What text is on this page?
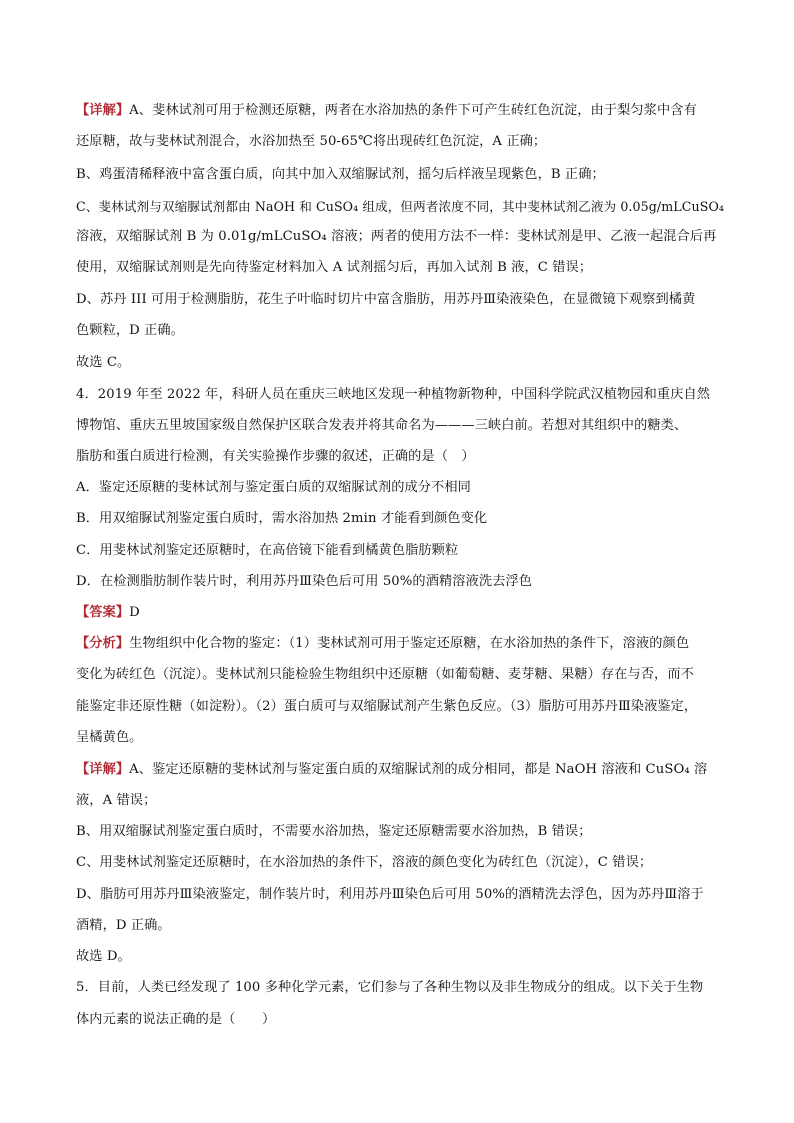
【详解】A、斐林试剂可用于检测还原糖，两者在水浴加热的条件下可产生砖红色沉淀，由于梨匀浆中含有
还原糖，故与斐林试剂混合，水浴加热至 50-65℃将出现砖红色沉淀，A 正确；
B、鸡蛋清稀释液中富含蛋白质，向其中加入双缩脲试剂，摇匀后样液呈现紫色，B 正确；
C、斐林试剂与双缩脲试剂都由 NaOH 和 CuSO₄ 组成，但两者浓度不同，其中斐林试剂乙液为 0.05g/mLCuSO₄
溶液，双缩脲试剂 B 为 0.01g/mLCuSO₄ 溶液；两者的使用方法不一样：斐林试剂是甲、乙液一起混合后再
使用，双缩脲试剂则是先向待鉴定材料加入 A 试剂摇匀后，再加入试剂 B 液，C 错误；
D、苏丹 III 可用于检测脂肪，花生子叶临时切片中富含脂肪，用苏丹Ⅲ染液染色，在显微镜下观察到橘黄
色颗粒，D 正确。
故选 C。
4．2019 年至 2022 年，科研人员在重庆三峡地区发现一种植物新物种，中国科学院武汉植物园和重庆自然
博物馆、重庆五里坡国家级自然保护区联合发表并将其命名为———三峡白前。若想对其组织中的糖类、
脂肪和蛋白质进行检测，有关实验操作步骤的叙述，正确的是（　）
A．鉴定还原糖的斐林试剂与鉴定蛋白质的双缩脲试剂的成分不相同
B．用双缩脲试剂鉴定蛋白质时，需水浴加热 2min 才能看到颜色变化
C．用斐林试剂鉴定还原糖时，在高倍镜下能看到橘黄色脂肪颗粒
D．在检测脂肪制作装片时，利用苏丹Ⅲ染色后可用 50%的酒精溶液洗去浮色
【答案】D
【分析】生物组织中化合物的鉴定：（1）斐林试剂可用于鉴定还原糖，在水浴加热的条件下，溶液的颜色
变化为砖红色（沉淀）。斐林试剂只能检验生物组织中还原糖（如葡萄糖、麦芽糖、果糖）存在与否，而不
能鉴定非还原性糖（如淀粉）。（2）蛋白质可与双缩脲试剂产生紫色反应。（3）脂肪可用苏丹Ⅲ染液鉴定，
呈橘黄色。
【详解】A、鉴定还原糖的斐林试剂与鉴定蛋白质的双缩脲试剂的成分相同，都是 NaOH 溶液和 CuSO₄ 溶
液，A 错误；
B、用双缩脲试剂鉴定蛋白质时，不需要水浴加热，鉴定还原糖需要水浴加热，B 错误；
C、用斐林试剂鉴定还原糖时，在水浴加热的条件下，溶液的颜色变化为砖红色（沉淀），C 错误；
D、脂肪可用苏丹Ⅲ染液鉴定，制作装片时，利用苏丹Ⅲ染色后可用 50%的酒精洗去浮色，因为苏丹Ⅲ溶于
酒精，D 正确。
故选 D。
5．目前，人类已经发现了 100 多种化学元素，它们参与了各种生物以及非生物成分的组成。以下关于生物
体内元素的说法正确的是（　　）
